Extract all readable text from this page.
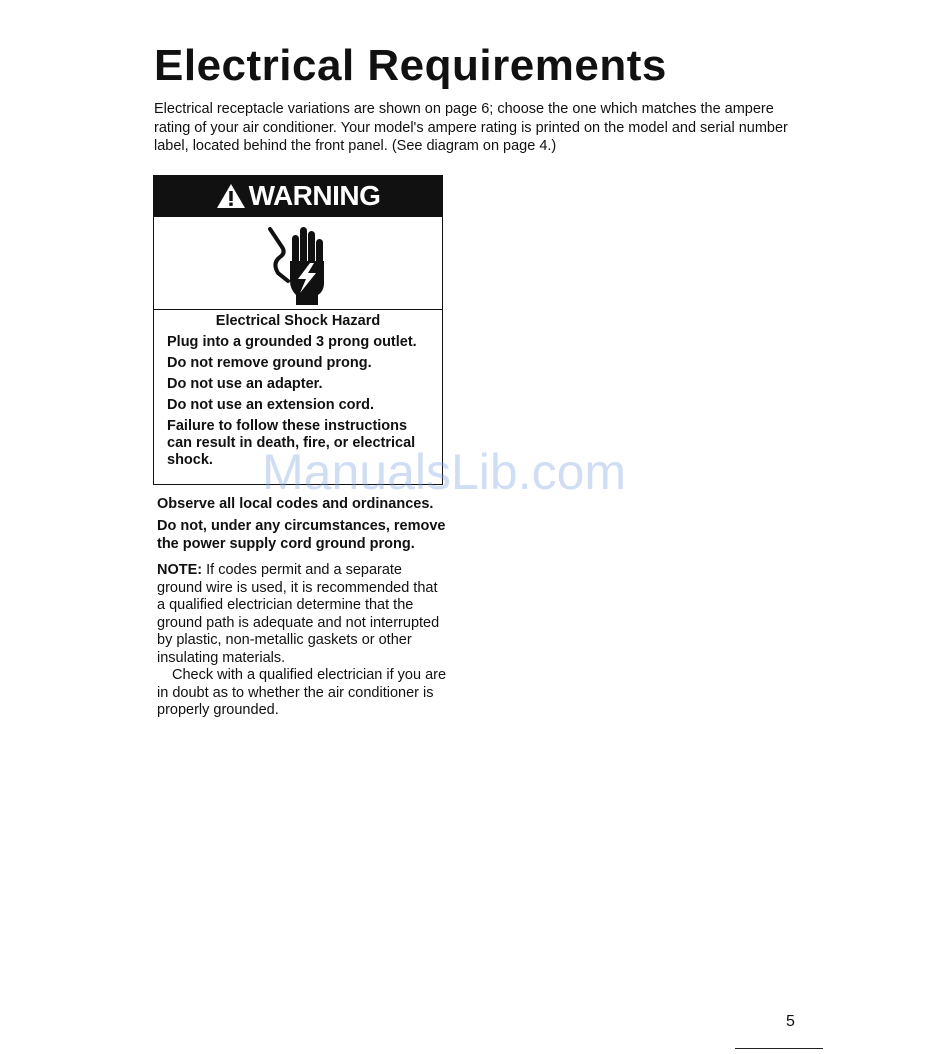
Electrical Requirements

Electrical receptacle variations are shown on page 6; choose the one which matches the ampere rating of your air conditioner. Your model's ampere rating is printed on the model and serial number label, located behind the front panel. (See diagram on page 4.)

WARNING
Electrical Shock Hazard

Plug into a grounded 3 prong outlet.

Do not remove ground prong.

Do not use an adapter.

Do not use an extension cord.

Failure to follow these instructions can result in death, fire, or electrical shock. ManualsLib.com

Observe all local codes and ordinances.

Do not, under any circumstances, remove the power supply cord ground prong.

NOTE: If codes permit and a separate ground wire is used, it is recommended that a qualified electrician determine that the ground path is adequate and not interrupted by plastic, non-metallic gaskets or other insulating materials.

Check with a qualified electrician if you are in doubt as to whether the air conditioner is properly grounded.

5
